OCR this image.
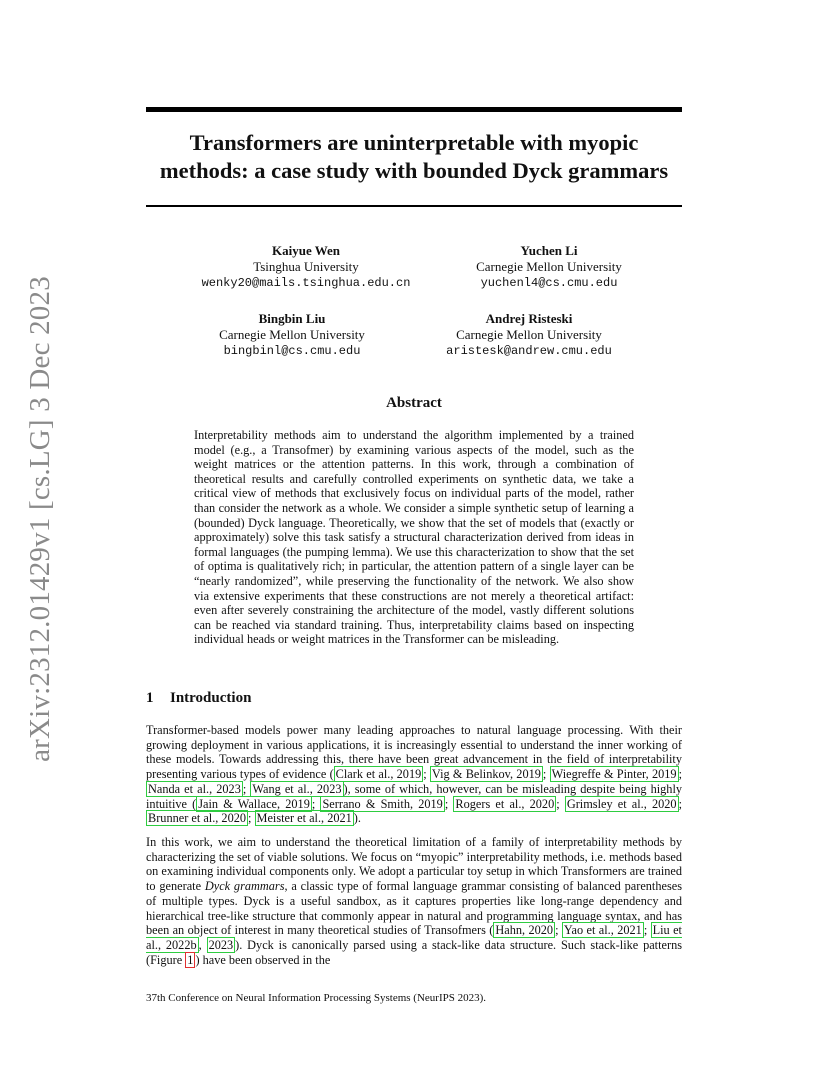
arXiv:2312.01429v1 [cs.LG] 3 Dec 2023
Transformers are uninterpretable with myopic methods: a case study with bounded Dyck grammars
Kaiyue Wen
Tsinghua University
wenky20@mails.tsinghua.edu.cn
Yuchen Li
Carnegie Mellon University
yuchenl4@cs.cmu.edu
Bingbin Liu
Carnegie Mellon University
bingbinl@cs.cmu.edu
Andrej Risteski
Carnegie Mellon University
aristesk@andrew.cmu.edu
Abstract
Interpretability methods aim to understand the algorithm implemented by a trained model (e.g., a Transofmer) by examining various aspects of the model, such as the weight matrices or the attention patterns. In this work, through a combination of theoretical results and carefully controlled experiments on synthetic data, we take a critical view of methods that exclusively focus on individual parts of the model, rather than consider the network as a whole. We consider a simple synthetic setup of learning a (bounded) Dyck language. Theoretically, we show that the set of models that (exactly or approximately) solve this task satisfy a structural characterization derived from ideas in formal languages (the pumping lemma). We use this characterization to show that the set of optima is qualitatively rich; in particular, the attention pattern of a single layer can be “nearly randomized”, while preserving the functionality of the network. We also show via extensive experiments that these constructions are not merely a theoretical artifact: even after severely constraining the architecture of the model, vastly different solutions can be reached via standard training. Thus, interpretability claims based on inspecting individual heads or weight matrices in the Transformer can be misleading.
1 Introduction
Transformer-based models power many leading approaches to natural language processing. With their growing deployment in various applications, it is increasingly essential to understand the inner working of these models. Towards addressing this, there have been great advancement in the field of interpretability presenting various types of evidence ( Clark et al., 2019 ; Vig & Belinkov, 2019 ; Wiegreffe & Pinter, 2019 ; Nanda et al., 2023 ; Wang et al., 2023 ), some of which, however, can be misleading despite being highly intuitive ( Jain & Wallace, 2019 ; Serrano & Smith, 2019 ; Rogers et al., 2020 ; Grimsley et al., 2020 ; Brunner et al., 2020 ; Meister et al., 2021 ).
In this work, we aim to understand the theoretical limitation of a family of interpretability methods by characterizing the set of viable solutions. We focus on “myopic” interpretability methods, i.e. methods based on examining individual components only. We adopt a particular toy setup in which Transformers are trained to generate Dyck grammars, a classic type of formal language grammar consisting of balanced parentheses of multiple types. Dyck is a useful sandbox, as it captures properties like long-range dependency and hierarchical tree-like structure that commonly appear in natural and programming language syntax, and has been an object of interest in many theoretical studies of Transofmers ( Hahn, 2020 ; Yao et al., 2021 ; Liu et al., 2022b , 2023 ). Dyck is canonically parsed using a stack-like data structure. Such stack-like patterns (Figure 1 ) have been observed in the
37th Conference on Neural Information Processing Systems (NeurIPS 2023).
